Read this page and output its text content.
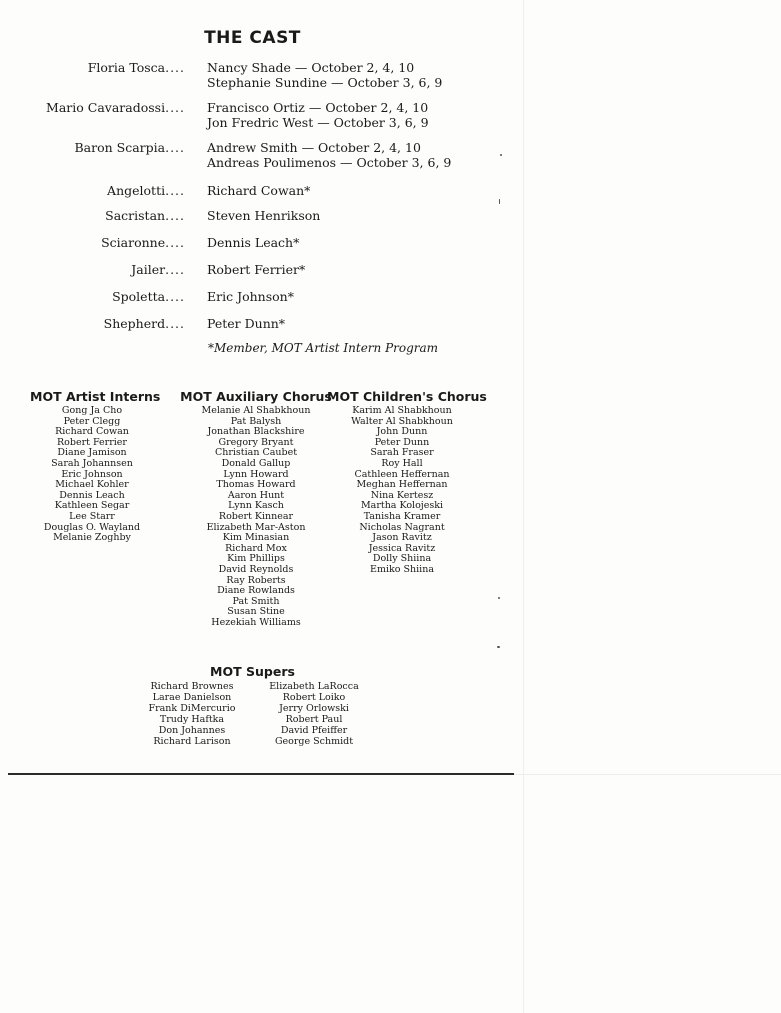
THE CAST
Floria Tosca.... Nancy Shade — October 2, 4, 10
Stephanie Sundine — October 3, 6, 9
Mario Cavaradossi.... Francisco Ortiz — October 2, 4, 10
Jon Fredric West — October 3, 6, 9
Baron Scarpia.... Andrew Smith — October 2, 4, 10
Andreas Poulimenos — October 3, 6, 9
Angelotti.... Richard Cowan*
Sacristan.... Steven Henrikson
Sciaronne.... Dennis Leach*
Jailer.... Robert Ferrier*
Spoletta.... Eric Johnson*
Shepherd.... Peter Dunn*
*Member, MOT Artist Intern Program
MOT Artist Interns
Gong Ja Cho
Peter Clegg
Richard Cowan
Robert Ferrier
Diane Jamison
Sarah Johannsen
Eric Johnson
Michael Kohler
Dennis Leach
Kathleen Segar
Lee Starr
Douglas O. Wayland
Melanie Zoghby
MOT Auxiliary Chorus
Melanie Al Shabkhoun
Pat Balysh
Jonathan Blackshire
Gregory Bryant
Christian Caubet
Donald Gallup
Lynn Howard
Thomas Howard
Aaron Hunt
Lynn Kasch
Robert Kinnear
Elizabeth Mar-Aston
Kim Minasian
Richard Mox
Kim Phillips
David Reynolds
Ray Roberts
Diane Rowlands
Pat Smith
Susan Stine
Hezekiah Williams
MOT Children's Chorus
Karim Al Shabkhoun
Walter Al Shabkhoun
John Dunn
Peter Dunn
Sarah Fraser
Roy Hall
Cathleen Heffernan
Meghan Heffernan
Nina Kertesz
Martha Kolojeski
Tanisha Kramer
Nicholas Nagrant
Jason Ravitz
Jessica Ravitz
Dolly Shiina
Emiko Shiina
MOT Supers
Richard Brownes
Larae Danielson
Frank DiMercurio
Trudy Haftka
Don Johannes
Richard Larison
Elizabeth LaRocca
Robert Loiko
Jerry Orlowski
Robert Paul
David Pfeiffer
George Schmidt
